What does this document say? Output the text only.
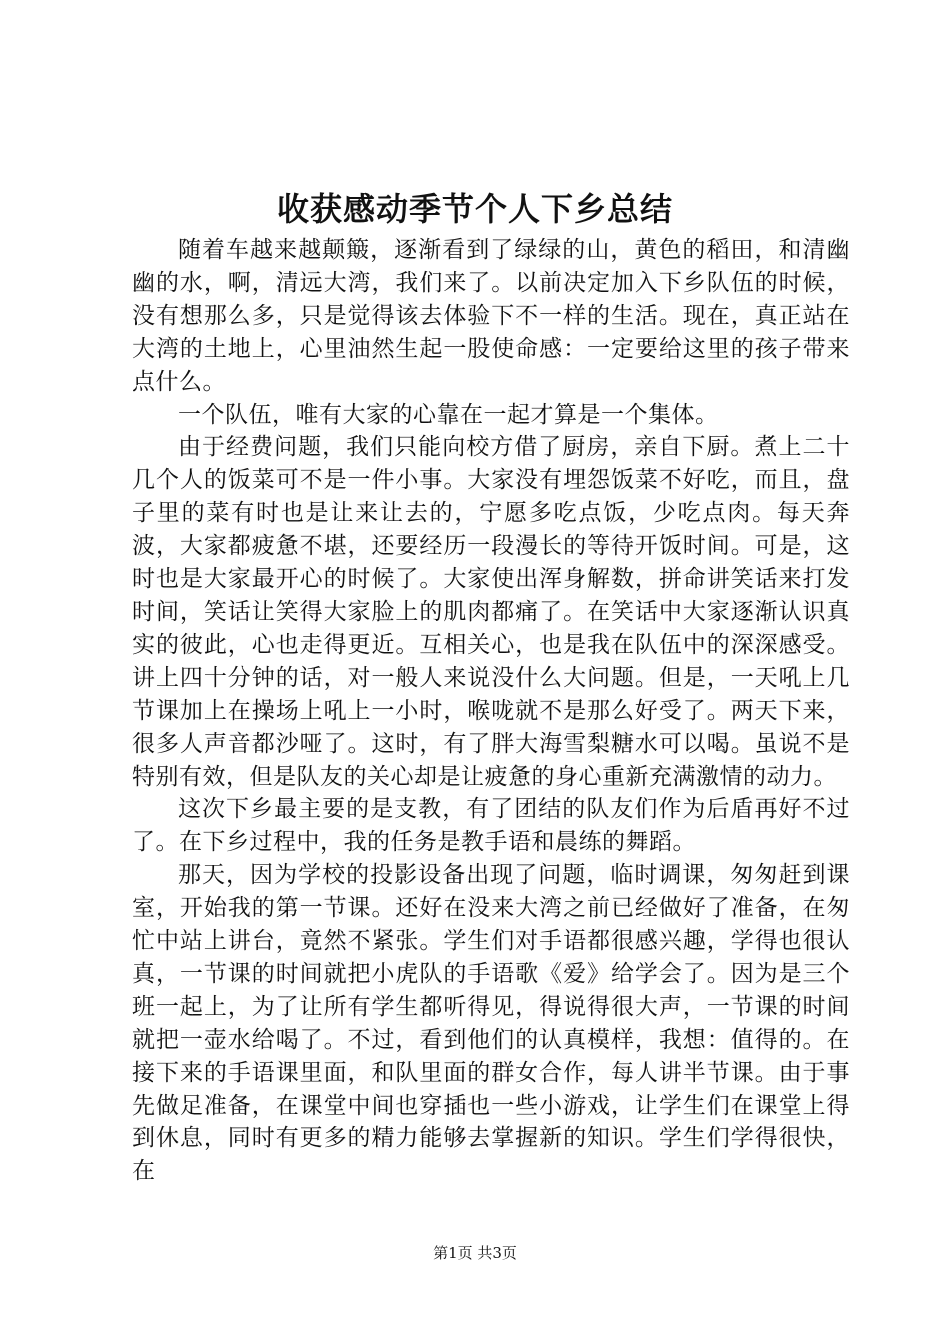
收获感动季节个人下乡总结

随着车越来越颠簸，逐渐看到了绿绿的山，黄色的稻田，和清幽幽的水，啊，清远大湾，我们来了。以前决定加入下乡队伍的时候，没有想那么多，只是觉得该去体验下不一样的生活。现在，真正站在大湾的土地上，心里油然生起一股使命感：一定要给这里的孩子带来点什么。

一个队伍，唯有大家的心靠在一起才算是一个集体。

由于经费问题，我们只能向校方借了厨房，亲自下厨。煮上二十几个人的饭菜可不是一件小事。大家没有埋怨饭菜不好吃，而且，盘子里的菜有时也是让来让去的，宁愿多吃点饭，少吃点肉。每天奔波，大家都疲惫不堪，还要经历一段漫长的等待开饭时间。可是，这时也是大家最开心的时候了。大家使出浑身解数，拼命讲笑话来打发时间，笑话让笑得大家脸上的肌肉都痛了。在笑话中大家逐渐认识真实的彼此，心也走得更近。互相关心，也是我在队伍中的深深感受。讲上四十分钟的话，对一般人来说没什么大问题。但是，一天吼上几节课加上在操场上吼上一小时，喉咙就不是那么好受了。两天下来，很多人声音都沙哑了。这时，有了胖大海雪梨糖水可以喝。虽说不是特别有效，但是队友的关心却是让疲惫的身心重新充满激情的动力。

这次下乡最主要的是支教，有了团结的队友们作为后盾再好不过了。在下乡过程中，我的任务是教手语和晨练的舞蹈。

那天，因为学校的投影设备出现了问题，临时调课，匆匆赶到课室，开始我的第一节课。还好在没来大湾之前已经做好了准备，在匆忙中站上讲台，竟然不紧张。学生们对手语都很感兴趣，学得也很认真，一节课的时间就把小虎队的手语歌《爱》给学会了。因为是三个班一起上，为了让所有学生都听得见，得说得很大声，一节课的时间就把一壶水给喝了。不过，看到他们的认真模样，我想：值得的。在接下来的手语课里面，和队里面的群女合作，每人讲半节课。由于事先做足准备，在课堂中间也穿插也一些小游戏，让学生们在课堂上得到休息，同时有更多的精力能够去掌握新的知识。学生们学得很快，在

第1页 共3页
